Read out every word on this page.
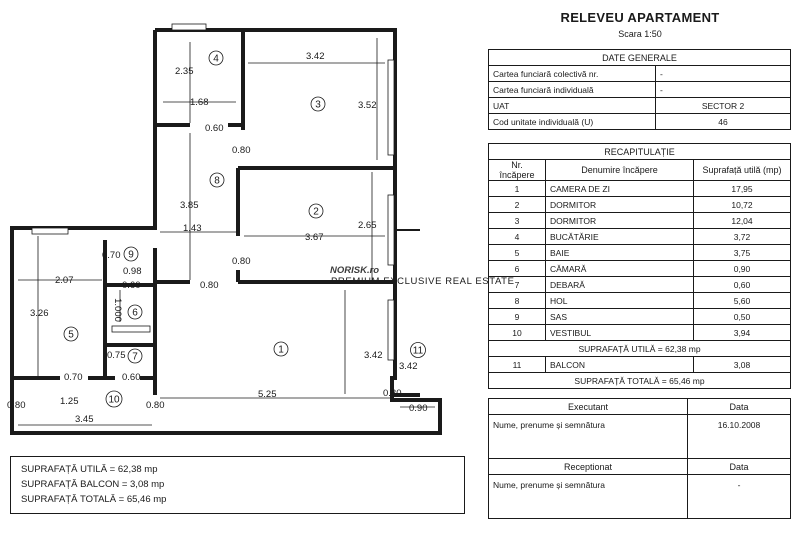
NORISK.ro
PREMIUM EXCLUSIVE REAL ESTATE
4
3
8
2
9
6
5
7
1	11
10
2.35
1.68
0.60
3.42
3.52
0.80
3.85
1.43
3.67
2.65
0.80
0.70
0.98
0.60
2.07
3.26	1.000
0.75
0.60
0.70
0.80
1.25	0.80
5.25	0.80
3.42
3.42
0.90
0.80
3.45
RELEVEU APARTAMENT
Scara 1:50
DATE GENERALE	
Cartea funciară colectivă nr.	-
Cartea funciară individuală	-
UAT	SECTOR 2
Cod unitate individuală (U)	46
RECAPITULAȚIE		
Nr. încăpere	Denumire încăpere	Suprafață utilă (mp)
1	CAMERA DE ZI	17,95
2	DORMITOR	10,72
3	DORMITOR	12,04
4	BUCĂTĂRIE	3,72
5	BAIE	3,75
6	CĂMARĂ	0,90
7	DEBARĂ	0,60
8	HOL	5,60
9	SAS	0,50
10	VESTIBUL	3,94
SUPRAFAȚĂ UTILĂ = 62,38 mp		
11	BALCON	3,08
SUPRAFAȚĂ TOTALĂ = 65,46 mp		
Executant	Data
Nume, prenume și semnătura	16.10.2008
Receptionat	Data
Nume, prenume și semnătura	-
SUPRAFAȚĂ UTILĂ = 62,38 mp
SUPRAFAȚĂ BALCON = 3,08 mp
SUPRAFAȚĂ TOTALĂ = 65,46 mp
